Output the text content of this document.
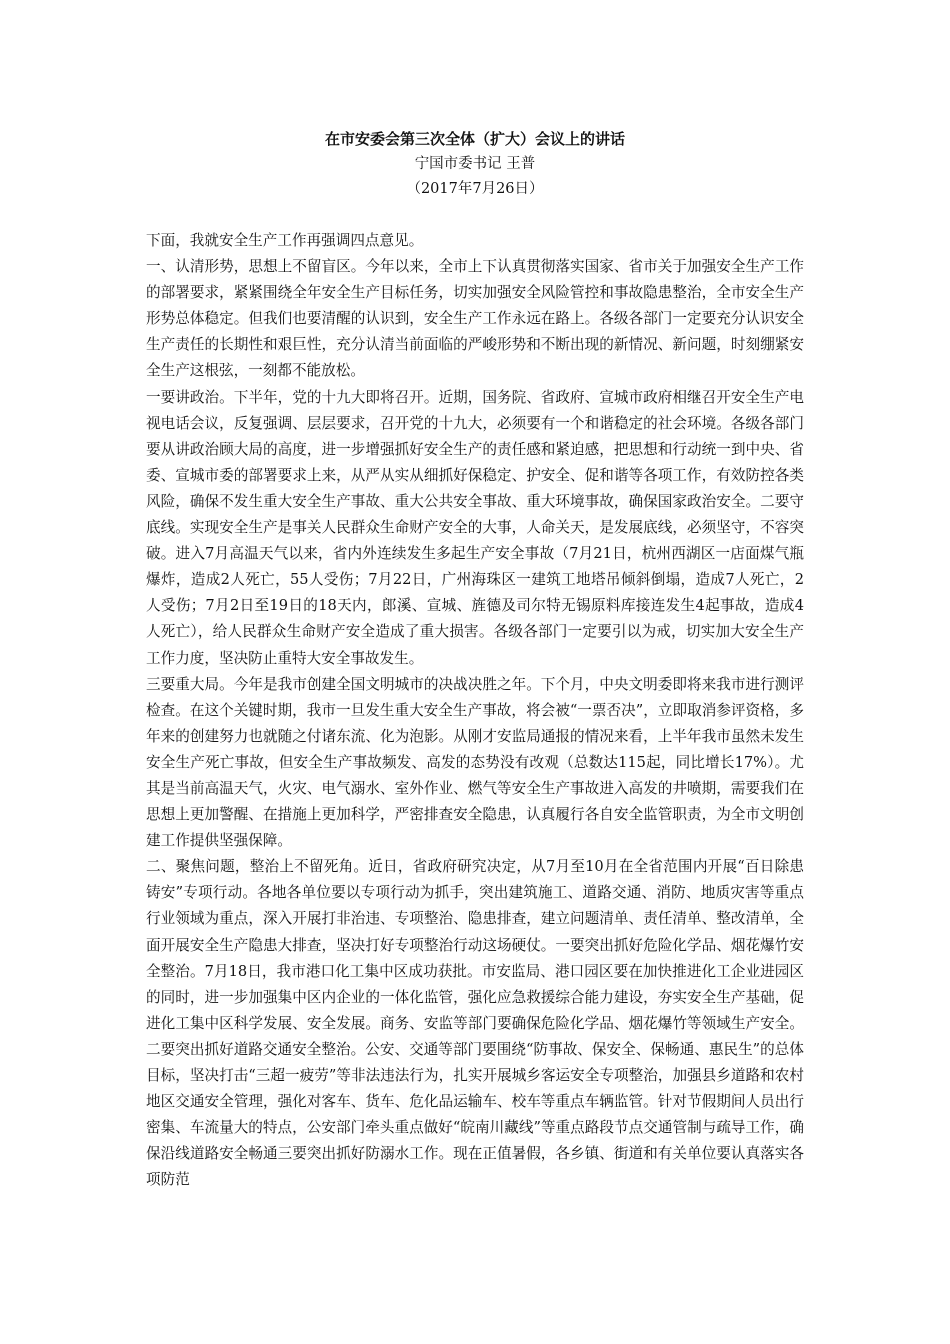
在市安委会第三次全体（扩大）会议上的讲话

宁国市委书记 王普

（2017年7月26日）

下面，我就安全生产工作再强调四点意见。

一、认清形势，思想上不留盲区。今年以来，全市上下认真贯彻落实国家、省市关于加强安全生产工作的部署要求，紧紧围绕全年安全生产目标任务，切实加强安全风险管控和事故隐患整治，全市安全生产形势总体稳定。但我们也要清醒的认识到，安全生产工作永远在路上。各级各部门一定要充分认识安全生产责任的长期性和艰巨性，充分认清当前面临的严峻形势和不断出现的新情况、新问题，时刻绷紧安全生产这根弦，一刻都不能放松。

一要讲政治。下半年，党的十九大即将召开。近期，国务院、省政府、宣城市政府相继召开安全生产电视电话会议，反复强调、层层要求，召开党的十九大，必须要有一个和谐稳定的社会环境。各级各部门要从讲政治顾大局的高度，进一步增强抓好安全生产的责任感和紧迫感，把思想和行动统一到中央、省委、宣城市委的部署要求上来，从严从实从细抓好保稳定、护安全、促和谐等各项工作，有效防控各类风险，确保不发生重大安全生产事故、重大公共安全事故、重大环境事故，确保国家政治安全。二要守底线。实现安全生产是事关人民群众生命财产安全的大事，人命关天，是发展底线，必须坚守，不容突破。进入7月高温天气以来，省内外连续发生多起生产安全事故（7月21日，杭州西湖区一店面煤气瓶爆炸，造成2人死亡，55人受伤；7月22日，广州海珠区一建筑工地塔吊倾斜倒塌，造成7人死亡，2人受伤；7月2日至19日的18天内，郎溪、宣城、旌德及司尔特无锡原料库接连发生4起事故，造成4人死亡），给人民群众生命财产安全造成了重大损害。各级各部门一定要引以为戒，切实加大安全生产工作力度，坚决防止重特大安全事故发生。

三要重大局。今年是我市创建全国文明城市的决战决胜之年。下个月，中央文明委即将来我市进行测评检查。在这个关键时期，我市一旦发生重大安全生产事故，将会被“一票否决”，立即取消参评资格，多年来的创建努力也就随之付诸东流、化为泡影。从刚才安监局通报的情况来看，上半年我市虽然未发生安全生产死亡事故，但安全生产事故频发、高发的态势没有改观（总数达115起，同比增长17%）。尤其是当前高温天气，火灾、电气溺水、室外作业、燃气等安全生产事故进入高发的井喷期，需要我们在思想上更加警醒、在措施上更加科学，严密排查安全隐患，认真履行各自安全监管职责，为全市文明创建工作提供坚强保障。

二、聚焦问题，整治上不留死角。近日，省政府研究决定，从7月至10月在全省范围内开展“百日除患铸安”专项行动。各地各单位要以专项行动为抓手，突出建筑施工、道路交通、消防、地质灾害等重点行业领域为重点，深入开展打非治违、专项整治、隐患排查，建立问题清单、责任清单、整改清单，全面开展安全生产隐患大排查，坚决打好专项整治行动这场硬仗。一要突出抓好危险化学品、烟花爆竹安全整治。7月18日，我市港口化工集中区成功获批。市安监局、港口园区要在加快推进化工企业进园区的同时，进一步加强集中区内企业的一体化监管，强化应急救援综合能力建设，夯实安全生产基础，促进化工集中区科学发展、安全发展。商务、安监等部门要确保危险化学品、烟花爆竹等领域生产安全。二要突出抓好道路交通安全整治。公安、交通等部门要围绕“防事故、保安全、保畅通、惠民生”的总体目标，坚决打击“三超一疲劳”等非法违法行为，扎实开展城乡客运安全专项整治，加强县乡道路和农村地区交通安全管理，强化对客车、货车、危化品运输车、校车等重点车辆监管。针对节假期间人员出行密集、车流量大的特点，公安部门牵头重点做好“皖南川藏线”等重点路段节点交通管制与疏导工作，确保沿线道路安全畅通三要突出抓好防溺水工作。现在正值暑假，各乡镇、街道和有关单位要认真落实各项防范
